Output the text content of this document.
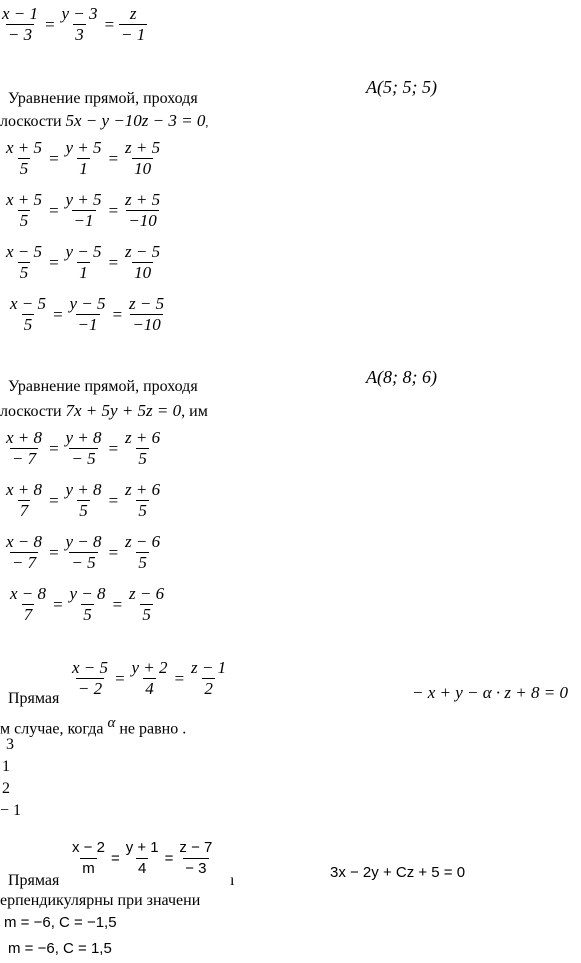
$\frac{x - 1}{- 3} = \frac{y - 3}{3} = \frac{z}{- 1}$
Уравнение прямой, проходя
A(5; 5; 5)
лоскости 5x − y −10z − 3 = 0,
$\frac{x + 5}{5} = \frac{y + 5}{1} = \frac{z + 5}{10}$
$\frac{x + 5}{5} = \frac{y + 5}{-1} = \frac{z + 5}{-10}$
$\frac{x - 5}{5} = \frac{y - 5}{1} = \frac{z - 5}{10}$
$\frac{x - 5}{5} = \frac{y - 5}{-1} = \frac{z - 5}{-10}$
Уравнение прямой, проходя	A(8; 8; 6)
лоскости 7x + 5y + 5z = 0, им
$\frac{x + 8}{- 7} = \frac{y + 8}{- 5} = \frac{z + 6}{5}$
$\frac{x + 8}{7} = \frac{y + 8}{5} = \frac{z + 6}{5}$
$\frac{x - 8}{- 7} = \frac{y - 8}{- 5} = \frac{z - 6}{5}$
$\frac{x - 8}{7} = \frac{y - 8}{5} = \frac{z - 6}{5}$
$\frac{x - 5}{- 2} = \frac{y + 2}{4} = \frac{z - 1}{2}$
Прямая	− x + y − α · z + 8 = 0
м случае, когда $^\alpha$ не равно .
3
1
2
− 1
$\frac{x - 2}{m} = \frac{y + 1}{4} = \frac{z - 7}{- 3}$
Прямая	ı	3x − 2y + Cz + 5 = 0
ерпендикулярны при значени
m = −6, C = −1,5
m = −6, C = 1,5
